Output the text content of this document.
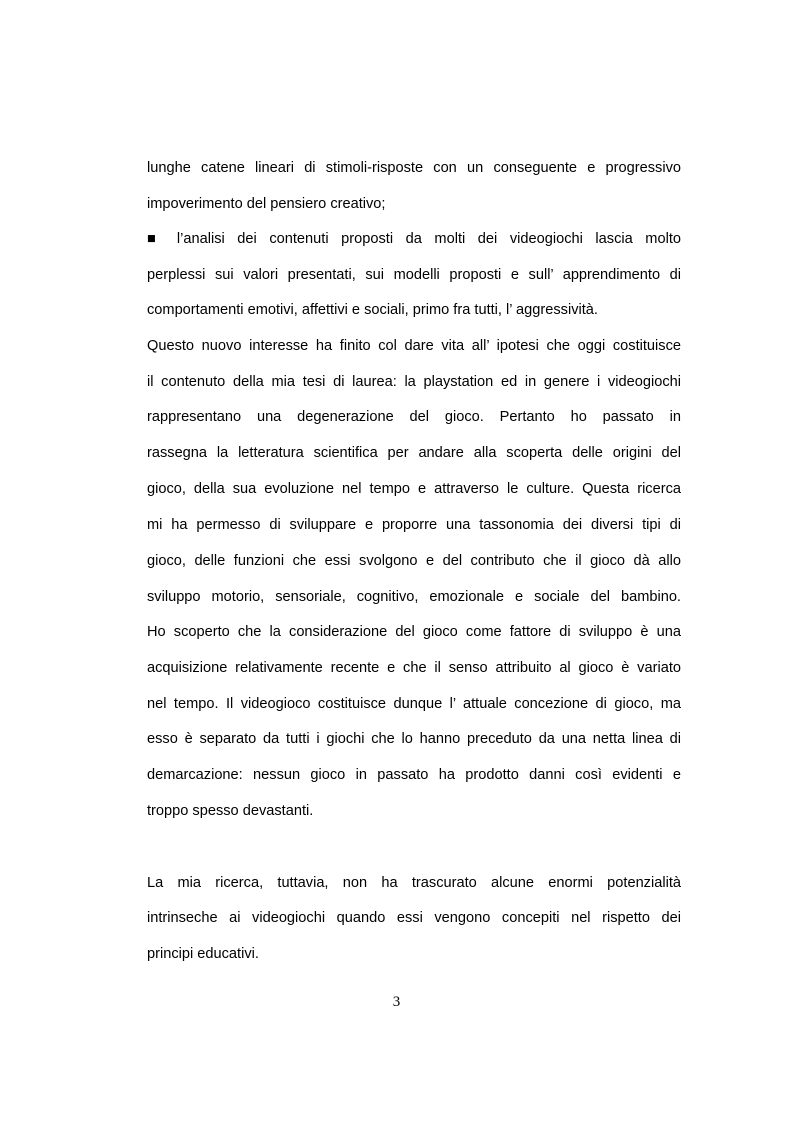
lunghe catene lineari di stimoli-risposte con un conseguente e progressivo
impoverimento del pensiero creativo;
■ l’analisi dei contenuti proposti da molti dei videogiochi lascia molto
perplessi sui valori presentati, sui modelli proposti e sull’ apprendimento di
comportamenti emotivi, affettivi e sociali, primo fra tutti, l’ aggressività.
Questo nuovo interesse ha finito col dare vita all’ ipotesi che oggi costituisce
il contenuto della mia tesi di laurea: la playstation ed in genere i videogiochi
rappresentano una degenerazione del gioco. Pertanto ho passato in
rassegna la letteratura scientifica per andare alla scoperta delle origini del
gioco, della sua evoluzione nel tempo e attraverso le culture. Questa ricerca
mi ha permesso di sviluppare e proporre una tassonomia dei diversi tipi di
gioco, delle funzioni che essi svolgono e del contributo che il gioco dà allo
sviluppo motorio, sensoriale, cognitivo, emozionale e sociale del bambino.
Ho scoperto che la considerazione del gioco come fattore di sviluppo è una
acquisizione relativamente recente e che il senso attribuito al gioco è variato
nel tempo. Il videogioco costituisce dunque l’ attuale concezione di gioco, ma
esso è separato da tutti i giochi che lo hanno preceduto da una netta linea di
demarcazione: nessun gioco in passato ha prodotto danni così evidenti e
troppo spesso devastanti.
La mia ricerca, tuttavia, non ha trascurato alcune enormi potenzialità
intrinseche ai videogiochi quando essi vengono concepiti nel rispetto dei
principi educativi.
3
